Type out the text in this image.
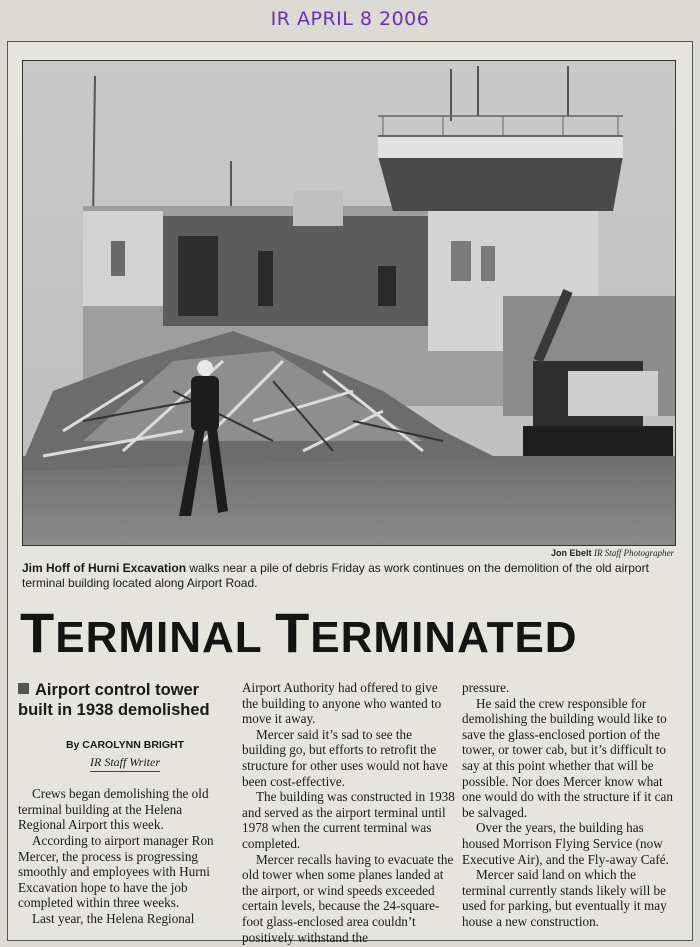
IR APRIL 8 2006
Jon Ebelt IR Staff Photographer
Jim Hoff of Hurni Excavation walks near a pile of debris Friday as work continues on the demolition of the old airport terminal building located along Airport Road.
TERMINAL TERMINATED
Airport control tower built in 1938 demolished
By CAROLYNN BRIGHT
IR Staff Writer

Crews began demolishing the old terminal building at the Helena Regional Airport this week.

According to airport manager Ron Mercer, the process is progressing smoothly and employees with Hurni Excavation hope to have the job completed within three weeks.

Last year, the Helena Regional

Airport Authority had offered to give the building to anyone who wanted to move it away.

Mercer said it’s sad to see the building go, but efforts to retrofit the structure for other uses would not have been cost-effective.

The building was constructed in 1938 and served as the airport terminal until 1978 when the current terminal was completed.

Mercer recalls having to evacuate the old tower when some planes landed at the airport, or wind speeds exceeded certain levels, because the 24-square-foot glass-enclosed area couldn’t positively withstand the

pressure.

He said the crew responsible for demolishing the building would like to save the glass-enclosed portion of the tower, or tower cab, but it’s difficult to say at this point whether that will be possible. Nor does Mercer know what one would do with the structure if it can be salvaged.

Over the years, the building has housed Morrison Flying Service (now Executive Air), and the Fly-away Café.

Mercer said land on which the terminal currently stands likely will be used for parking, but eventually it may house a new construction.
